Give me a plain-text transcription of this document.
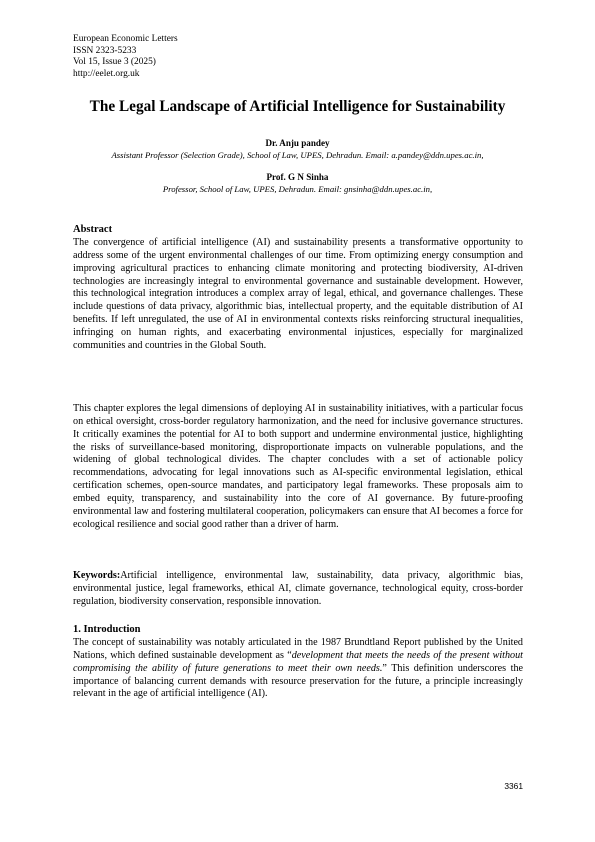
European Economic Letters
ISSN 2323-5233
Vol 15, Issue 3 (2025)
http://eelet.org.uk
The Legal Landscape of Artificial Intelligence for Sustainability
Dr. Anju pandey
Assistant Professor (Selection Grade), School of Law, UPES, Dehradun. Email: a.pandey@ddn.upes.ac.in,
Prof. G N Sinha
Professor, School of Law, UPES, Dehradun. Email: gnsinha@ddn.upes.ac.in,
Abstract

The convergence of artificial intelligence (AI) and sustainability presents a transformative opportunity to address some of the urgent environmental challenges of our time. From optimizing energy consumption and improving agricultural practices to enhancing climate monitoring and protecting biodiversity, AI-driven technologies are increasingly integral to environmental governance and sustainable development. However, this technological integration introduces a complex array of legal, ethical, and governance challenges. These include questions of data privacy, algorithmic bias, intellectual property, and the equitable distribution of AI benefits. If left unregulated, the use of AI in environmental contexts risks reinforcing structural inequalities, infringing on human rights, and exacerbating environmental injustices, especially for marginalized communities and countries in the Global South.

This chapter explores the legal dimensions of deploying AI in sustainability initiatives, with a particular focus on ethical oversight, cross-border regulatory harmonization, and the need for inclusive governance structures. It critically examines the potential for AI to both support and undermine environmental justice, highlighting the risks of surveillance-based monitoring, disproportionate impacts on vulnerable populations, and the widening of global technological divides. The chapter concludes with a set of actionable policy recommendations, advocating for legal innovations such as AI-specific environmental legislation, ethical certification schemes, open-source mandates, and participatory legal frameworks. These proposals aim to embed equity, transparency, and sustainability into the core of AI governance. By future-proofing environmental law and fostering multilateral cooperation, policymakers can ensure that AI becomes a force for ecological resilience and social good rather than a driver of harm.

Keywords:Artificial intelligence, environmental law, sustainability, data privacy, algorithmic bias, environmental justice, legal frameworks, ethical AI, climate governance, technological equity, cross-border regulation, biodiversity conservation, responsible innovation.

1. Introduction

The concept of sustainability was notably articulated in the 1987 Brundtland Report published by the United Nations, which defined sustainable development as “development that meets the needs of the present without compromising the ability of future generations to meet their own needs.” This definition underscores the importance of balancing current demands with resource preservation for the future, a principle increasingly relevant in the age of artificial intelligence (AI).

3361
